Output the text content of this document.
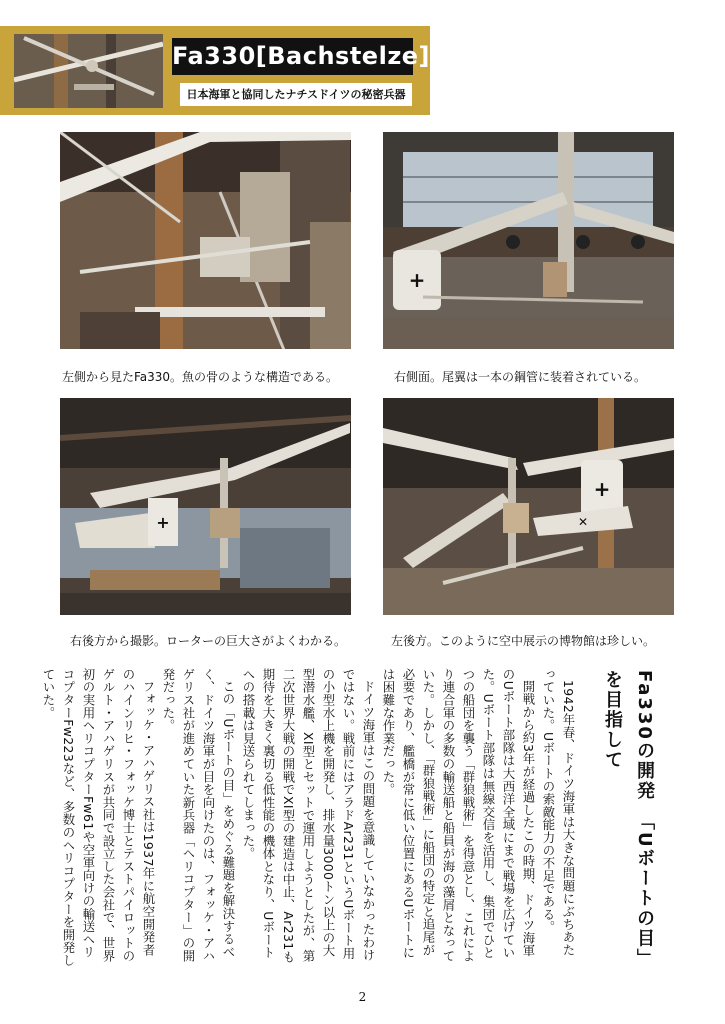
Fa330[Bachstelze]
日本海軍と協同したナチスドイツの秘密兵器
左側から見たFa330。魚の骨のような構造である。
+
右側面。尾翼は一本の鋼管に装着されている。
+
右後方から撮影。ローターの巨大さがよくわかる。
+
✕
左後方。このように空中展示の博物館は珍しい。
Fa330の開発　「Uボートの目」を目指して

1942年春、ドイツ海軍は大きな問題にぶちあたっていた。Uボートの索敵能力の不足である。

開戦から約3年が経過したこの時期、ドイツ海軍のUボート部隊は大西洋全域にまで戦場を広げていた。Uボート部隊は無線交信を活用し、集団でひとつの船団を襲う「群狼戦術」を得意とし、これにより連合軍の多数の輸送船と船員が海の藻屑となっていた。しかし、「群狼戦術」に船団の特定と追尾が必要であり、艦橋が常に低い位置にあるUボートには困難な作業だった。

ドイツ海軍はこの問題を意識していなかったわけではない。戦前にはアラドAr231というUボート用の小型水上機を開発し、排水量3000トン以上の大型潜水艦、XI型とセットで運用しようとしたが、第二次世界大戦の開戦でXI型の建造は中止、Ar231も期待を大きく裏切る低性能の機体となり、Uボートへの搭載は見送られてしまった。

この「Uボートの目」をめぐる難題を解決するべく、ドイツ海軍が目を向けたのは、フォッケ・アハゲリス社が進めていた新兵器「ヘリコプター」の開発だった。

フォッケ・アハゲリス社は1937年に航空開発者のハインリヒ・フォッケ博士とテストパイロットのゲルト・アハゲリスが共同で設立した会社で、世界初の実用ヘリコプターFw61や空軍向けの輸送ヘリコプターFw223など、多数のヘリコプターを開発していた。

2
